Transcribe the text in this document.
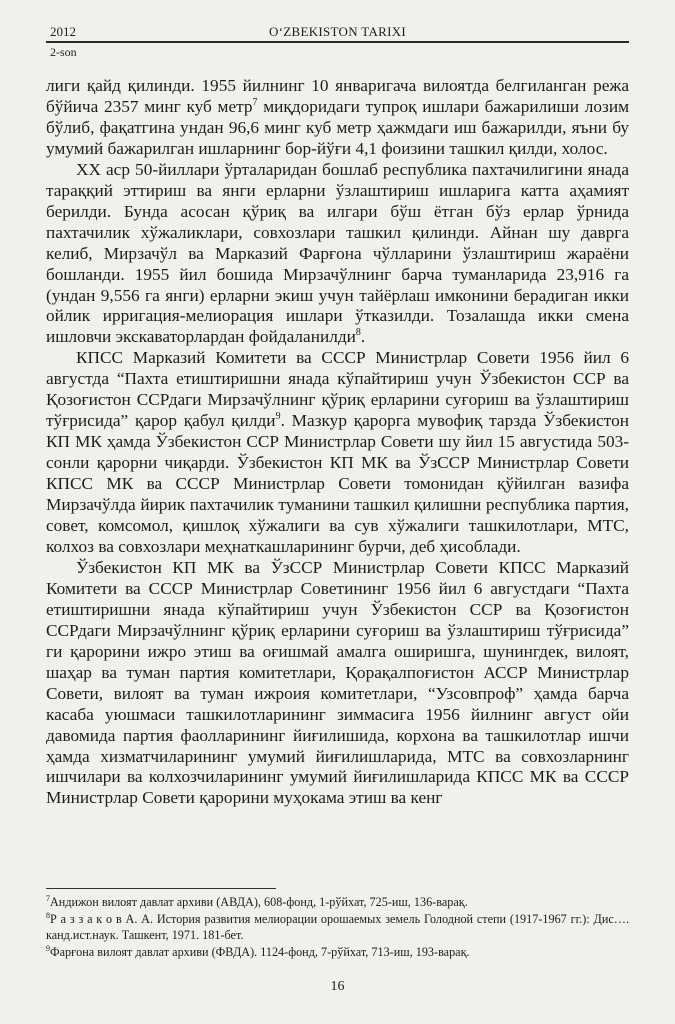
2012	O‘ZBEKISTON TARIXI
2-son

лиги қайд қилинди. 1955 йилнинг 10 январигача вилоятда белгиланган режа бўйича 2357 минг куб метр$^7$ миқдоридаги тупроқ ишлари бажарилиши лозим бўлиб, фақатгина ундан 96,6 минг куб метр ҳажмдаги иш бажарилди, яъни бу умумий бажарилган ишларнинг бор-йўғи 4,1 фоизини ташкил қилди, холос.

XX аср 50-йиллари ўрталаридан бошлаб республика пахтачилигини янада тараққий эттириш ва янги ерларни ўзлаштириш ишларига катта аҳамият берилди. Бунда асосан қўриқ ва илгари бўш ётган бўз ерлар ўрнида пахтачилик хўжаликлари, совхозлари ташкил қилинди. Айнан шу даврга келиб, Мирзачўл ва Марказий Фарғона чўлларини ўзлаштириш жараёни бошланди. 1955 йил бошида Мирзачўлнинг барча туманларида 23,916 га (ундан 9,556 га янги) ерларни экиш учун тайёрлаш имконини берадиган икки ойлик ирригация-мелиорация ишлари ўтказилди. Тозалашда икки смена ишловчи экскаваторлардан фойдаланилди$^8$.

КПСС Марказий Комитети ва СССР Министрлар Совети 1956 йил 6 августда “Пахта етиштиришни янада кўпайтириш учун Ўзбекистон ССР ва Қозоғистон ССРдаги Мирзачўлнинг қўриқ ерларини суғориш ва ўзлаштириш тўғрисида” қарор қабул қилди$^9$. Мазкур қарорга мувофиқ тарзда Ўзбекистон КП МК ҳамда Ўзбекистон ССР Министрлар Совети шу йил 15 августида 503-сонли қарорни чиқарди. Ўзбекистон КП МК ва ЎзССР Министрлар Совети КПСС МК ва СССР Министрлар Совети томонидан қўйилган вазифа Мирзачўлда йирик пахтачилик туманини ташкил қилишни республика партия, совет, комсомол, қишлоқ хўжалиги ва сув хўжалиги ташкилотлари, МТС, колхоз ва совхозлари меҳнаткашларининг бурчи, деб ҳисоблади.

Ўзбекистон КП МК ва ЎзССР Министрлар Совети КПСС Марказий Комитети ва СССР Министрлар Советининг 1956 йил 6 августдаги “Пахта етиштиришни янада кўпайтириш учун Ўзбекистон ССР ва Қозоғистон ССРдаги Мирзачўлнинг қўриқ ерларини суғориш ва ўзлаштириш тўғрисида” ги қарорини ижро этиш ва оғишмай амалга оширишга, шунингдек, вилоят, шаҳар ва туман партия комитетлари, Қорақалпоғистон АССР Министрлар Совети, вилоят ва туман ижроия комитетлари, “Узсовпроф” ҳамда барча касаба уюшмаси ташкилотларининг зиммасига 1956 йилнинг август ойи давомида партия фаолларининг йиғилишида, корхона ва ташкилотлар ишчи ҳамда хизматчиларининг умумий йиғилишларида, МТС ва совхозларнинг ишчилари ва колхозчиларининг умумий йиғилишларида КПСС МК ва СССР Министрлар Совети қарорини муҳокама этиш ва кенг

$^7$Андижон вилоят давлат архиви (АВДА), 608-фонд, 1-рўйхат, 725-иш, 136-варақ.
$^8$Р а з з а к о в А. А. История развития мелиорации орошаемых земель Голодной степи (1917-1967 гг.): Дис…. канд.ист.наук. Ташкент, 1971. 181-бет.
$^9$Фарғона вилоят давлат архиви (ФВДА). 1124-фонд, 7-рўйхат, 713-иш, 193-варақ.
16
